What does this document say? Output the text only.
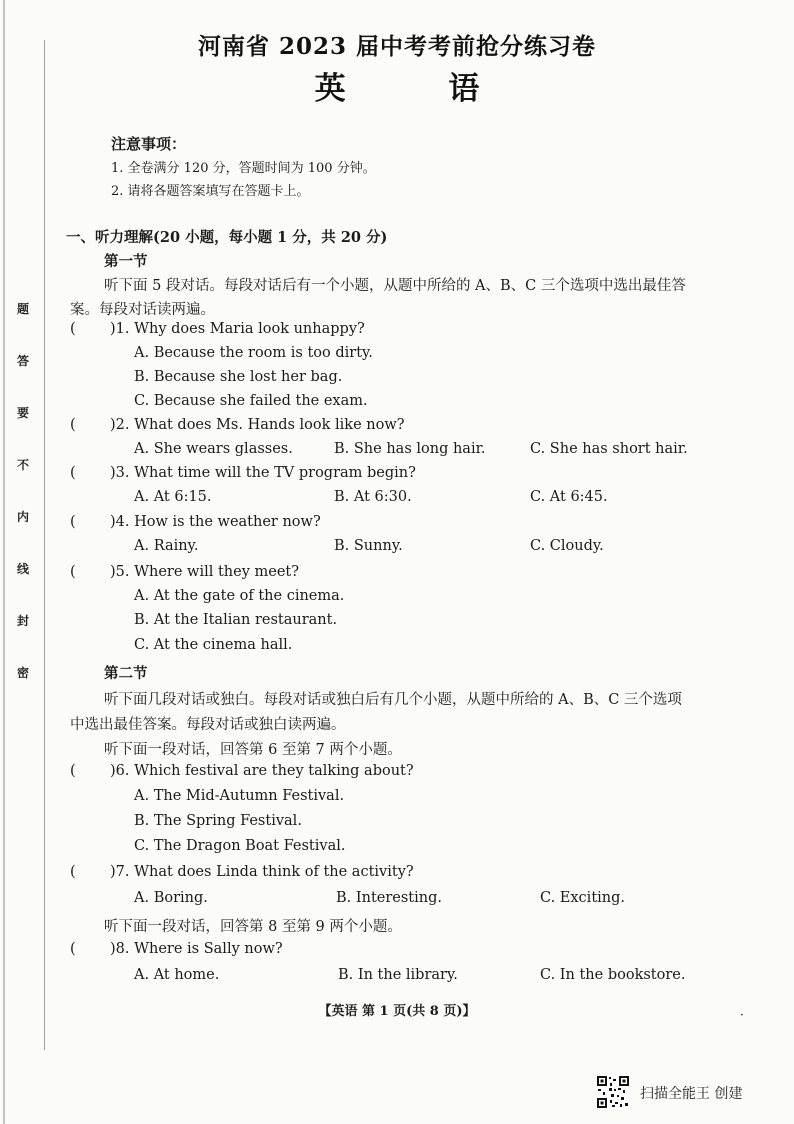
题
答
要
不
内
线
封
密
河南省 2023 届中考考前抢分练习卷
英 语
注意事项：
1. 全卷满分 120 分，答题时间为 100 分钟。
2. 请将各题答案填写在答题卡上。
一、听力理解(20 小题，每小题 1 分，共 20 分)
第一节
听下面 5 段对话。每段对话后有一个小题，从题中所给的 A、B、C 三个选项中选出最佳答
案。每段对话读两遍。
( )1. Why does Maria look unhappy?
A. Because the room is too dirty.
B. Because she lost her bag.
C. Because she failed the exam.
( )2. What does Ms. Hands look like now?
A. She wears glasses.	B. She has long hair.	C. She has short hair.
( )3. What time will the TV program begin?
A. At 6:15.	B. At 6:30.	C. At 6:45.
( )4. How is the weather now?
A. Rainy.	B. Sunny.	C. Cloudy.
( )5. Where will they meet?
A. At the gate of the cinema.
B. At the Italian restaurant.
C. At the cinema hall.
第二节
听下面几段对话或独白。每段对话或独白后有几个小题，从题中所给的 A、B、C 三个选项
中选出最佳答案。每段对话或独白读两遍。
听下面一段对话，回答第 6 至第 7 两个小题。
( )6. Which festival are they talking about?
A. The Mid-Autumn Festival.
B. The Spring Festival.
C. The Dragon Boat Festival.
( )7. What does Linda think of the activity?
A. Boring.	B. Interesting.	C. Exciting.
听下面一段对话，回答第 8 至第 9 两个小题。
( )8. Where is Sally now?
A. At home.	B. In the library.	C. In the bookstore.
【英语 第 1 页(共 8 页)】	·
扫描全能王 创建
